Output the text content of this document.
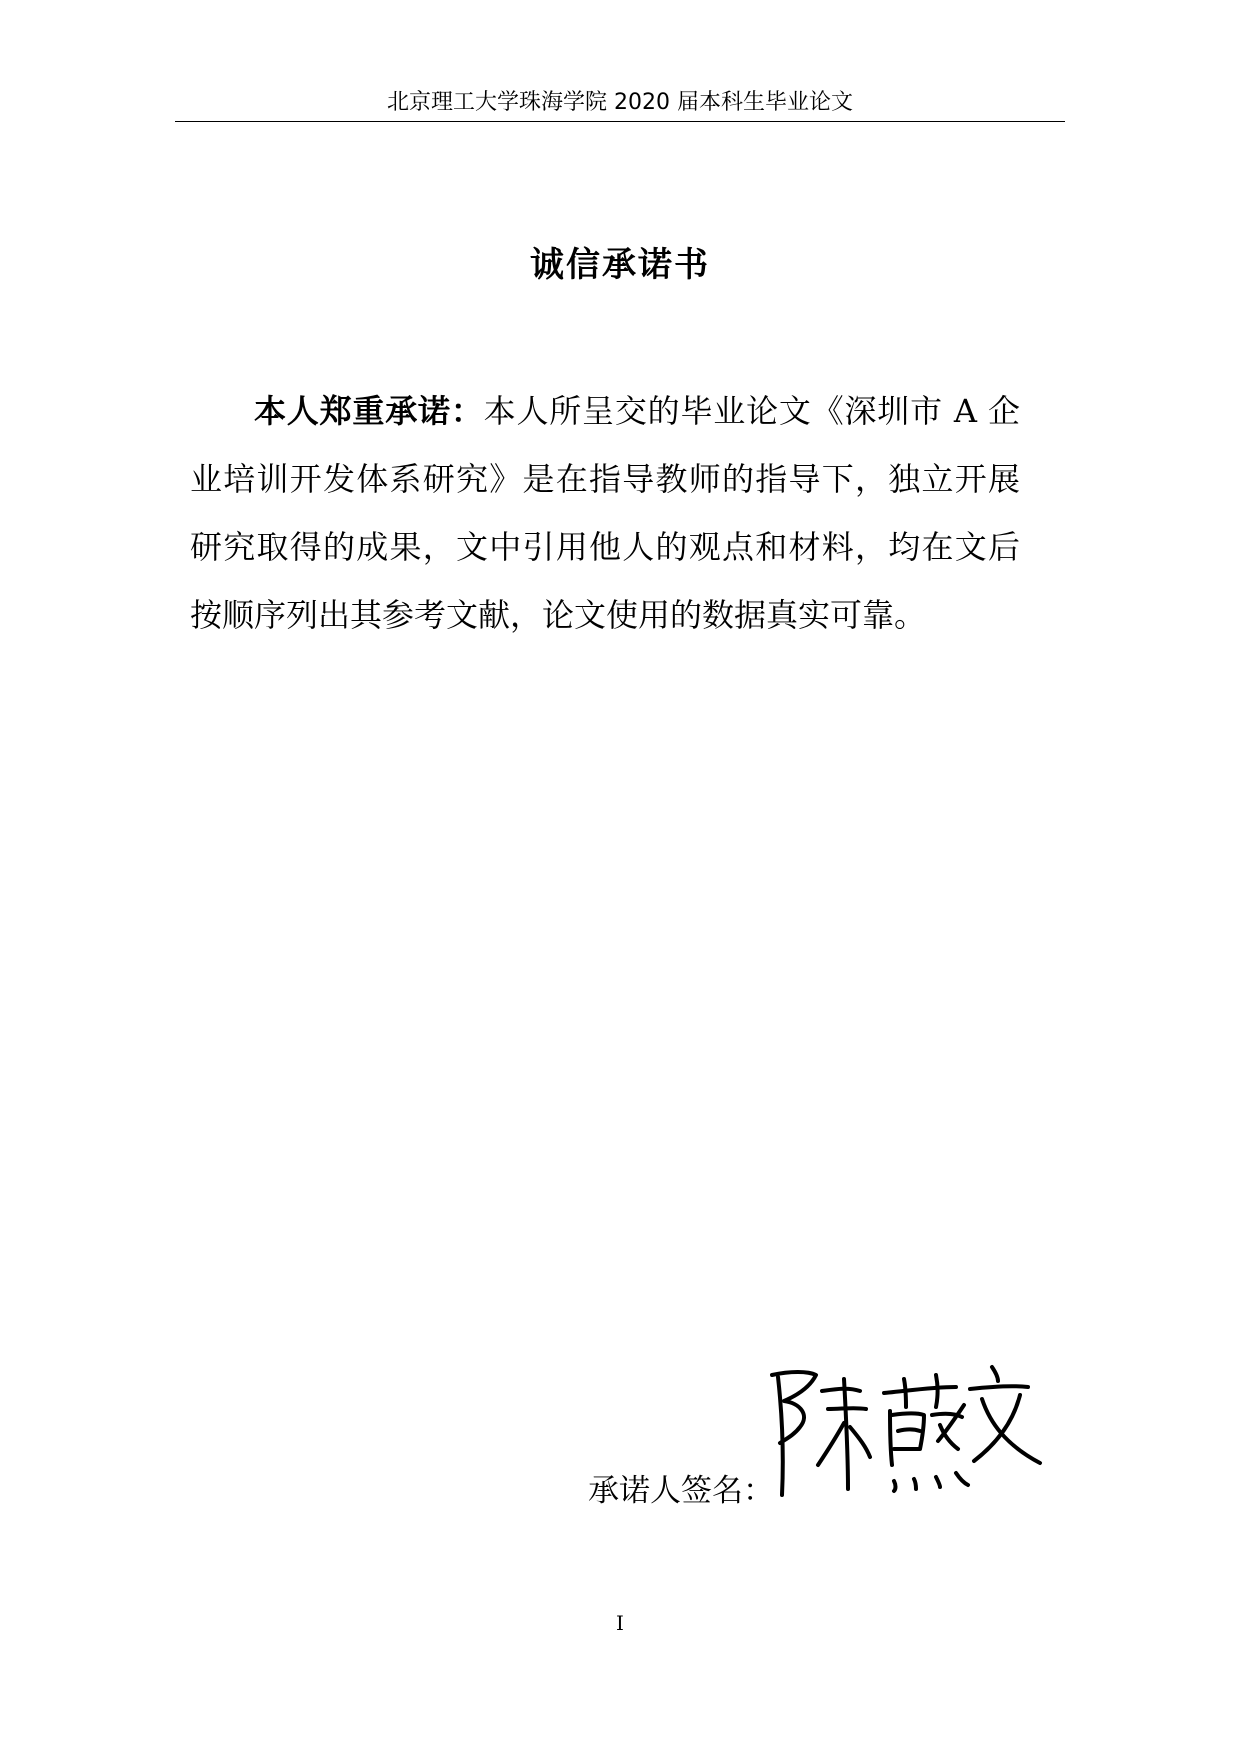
北京理工大学珠海学院 2020 届本科生毕业论文
诚信承诺书

本人郑重承诺：本人所呈交的毕业论文《深圳市 A 企业培训开发体系研究》是在指导教师的指导下，独立开展研究取得的成果，文中引用他人的观点和材料，均在文后按顺序列出其参考文献，论文使用的数据真实可靠。

承诺人签名：
I
